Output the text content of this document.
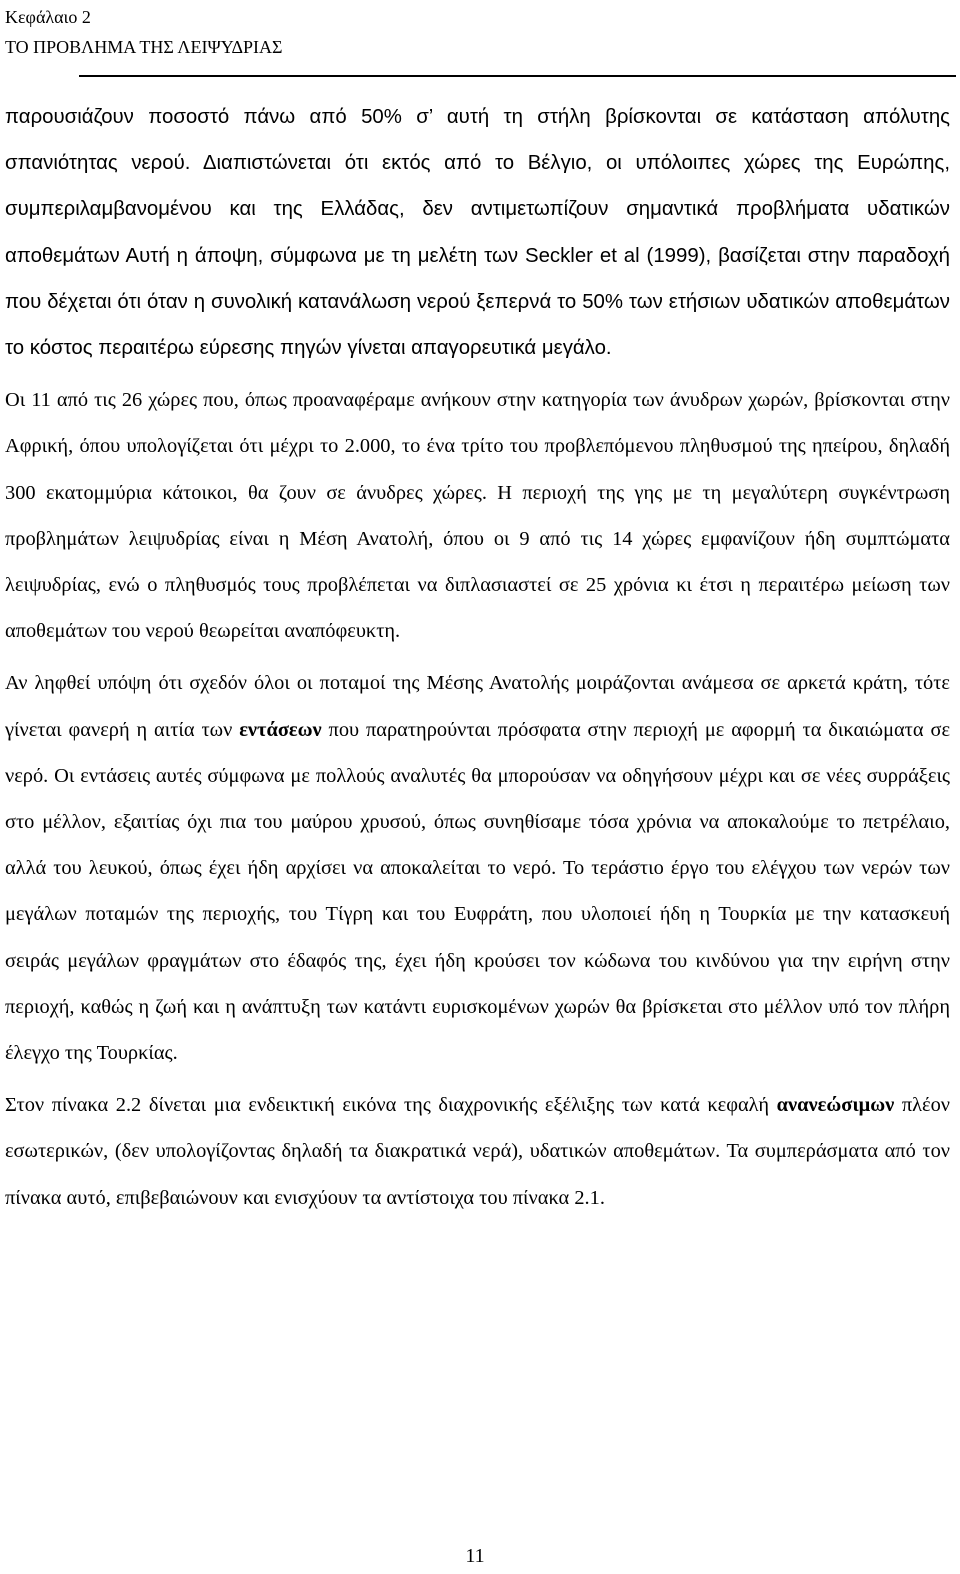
Κεφάλαιο 2
ΤΟ ΠΡΟΒΛΗΜΑ ΤΗΣ ΛΕΙΨΥΔΡΙΑΣ

παρουσιάζουν ποσοστό πάνω από 50% σ’ αυτή τη στήλη βρίσκονται σε κατάσταση απόλυτης σπανιότητας νερού. Διαπιστώνεται ότι εκτός από το Βέλγιο, οι υπόλοιπες χώρες της Ευρώπης, συμπεριλαμβανομένου και της Ελλάδας, δεν αντιμετωπίζουν σημαντικά προβλήματα υδατικών αποθεμάτων Αυτή η άποψη, σύμφωνα με τη μελέτη των Seckler et al (1999), βασίζεται στην παραδοχή που δέχεται ότι όταν η συνολική κατανάλωση νερού ξεπερνά το 50% των ετήσιων υδατικών αποθεμάτων το κόστος περαιτέρω εύρεσης πηγών γίνεται απαγορευτικά μεγάλο.

Οι 11 από τις 26 χώρες που, όπως προαναφέραμε ανήκουν στην κατηγορία των άνυδρων χωρών, βρίσκονται στην Αφρική, όπου υπολογίζεται ότι μέχρι το 2.000, το ένα τρίτο του προβλεπόμενου πληθυσμού της ηπείρου, δηλαδή 300 εκατομμύρια κάτοικοι, θα ζουν σε άνυδρες χώρες. Η περιοχή της γης με τη μεγαλύτερη συγκέντρωση προβλημάτων λειψυδρίας είναι η Μέση Ανατολή, όπου οι 9 από τις 14 χώρες εμφανίζουν ήδη συμπτώματα λειψυδρίας, ενώ ο πληθυσμός τους προβλέπεται να διπλασιαστεί σε 25 χρόνια κι έτσι η περαιτέρω μείωση των αποθεμάτων του νερού θεωρείται αναπόφευκτη.

Αν ληφθεί υπόψη ότι σχεδόν όλοι οι ποταμοί της Μέσης Ανατολής μοιράζονται ανάμεσα σε αρκετά κράτη, τότε γίνεται φανερή η αιτία των εντάσεων που παρατηρούνται πρόσφατα στην περιοχή με αφορμή τα δικαιώματα σε νερό. Οι εντάσεις αυτές σύμφωνα με πολλούς αναλυτές θα μπορούσαν να οδηγήσουν μέχρι και σε νέες συρράξεις στο μέλλον, εξαιτίας όχι πια του μαύρου χρυσού, όπως συνηθίσαμε τόσα χρόνια να αποκαλούμε το πετρέλαιο, αλλά του λευκού, όπως έχει ήδη αρχίσει να αποκαλείται το νερό. Το τεράστιο έργο του ελέγχου των νερών των μεγάλων ποταμών της περιοχής, του Τίγρη και του Ευφράτη, που υλοποιεί ήδη η Τουρκία με την κατασκευή σειράς μεγάλων φραγμάτων στο έδαφός της, έχει ήδη κρούσει τον κώδωνα του κινδύνου για την ειρήνη στην περιοχή, καθώς η ζωή και η ανάπτυξη των κατάντι ευρισκομένων χωρών θα βρίσκεται στο μέλλον υπό τον πλήρη έλεγχο της Τουρκίας.

Στον πίνακα 2.2 δίνεται μια ενδεικτική εικόνα της διαχρονικής εξέλιξης των κατά κεφαλή ανανεώσιμων πλέον εσωτερικών, (δεν υπολογίζοντας δηλαδή τα διακρατικά νερά), υδατικών αποθεμάτων. Τα συμπεράσματα από τον πίνακα αυτό, επιβεβαιώνουν και ενισχύουν τα αντίστοιχα του πίνακα 2.1.

11
